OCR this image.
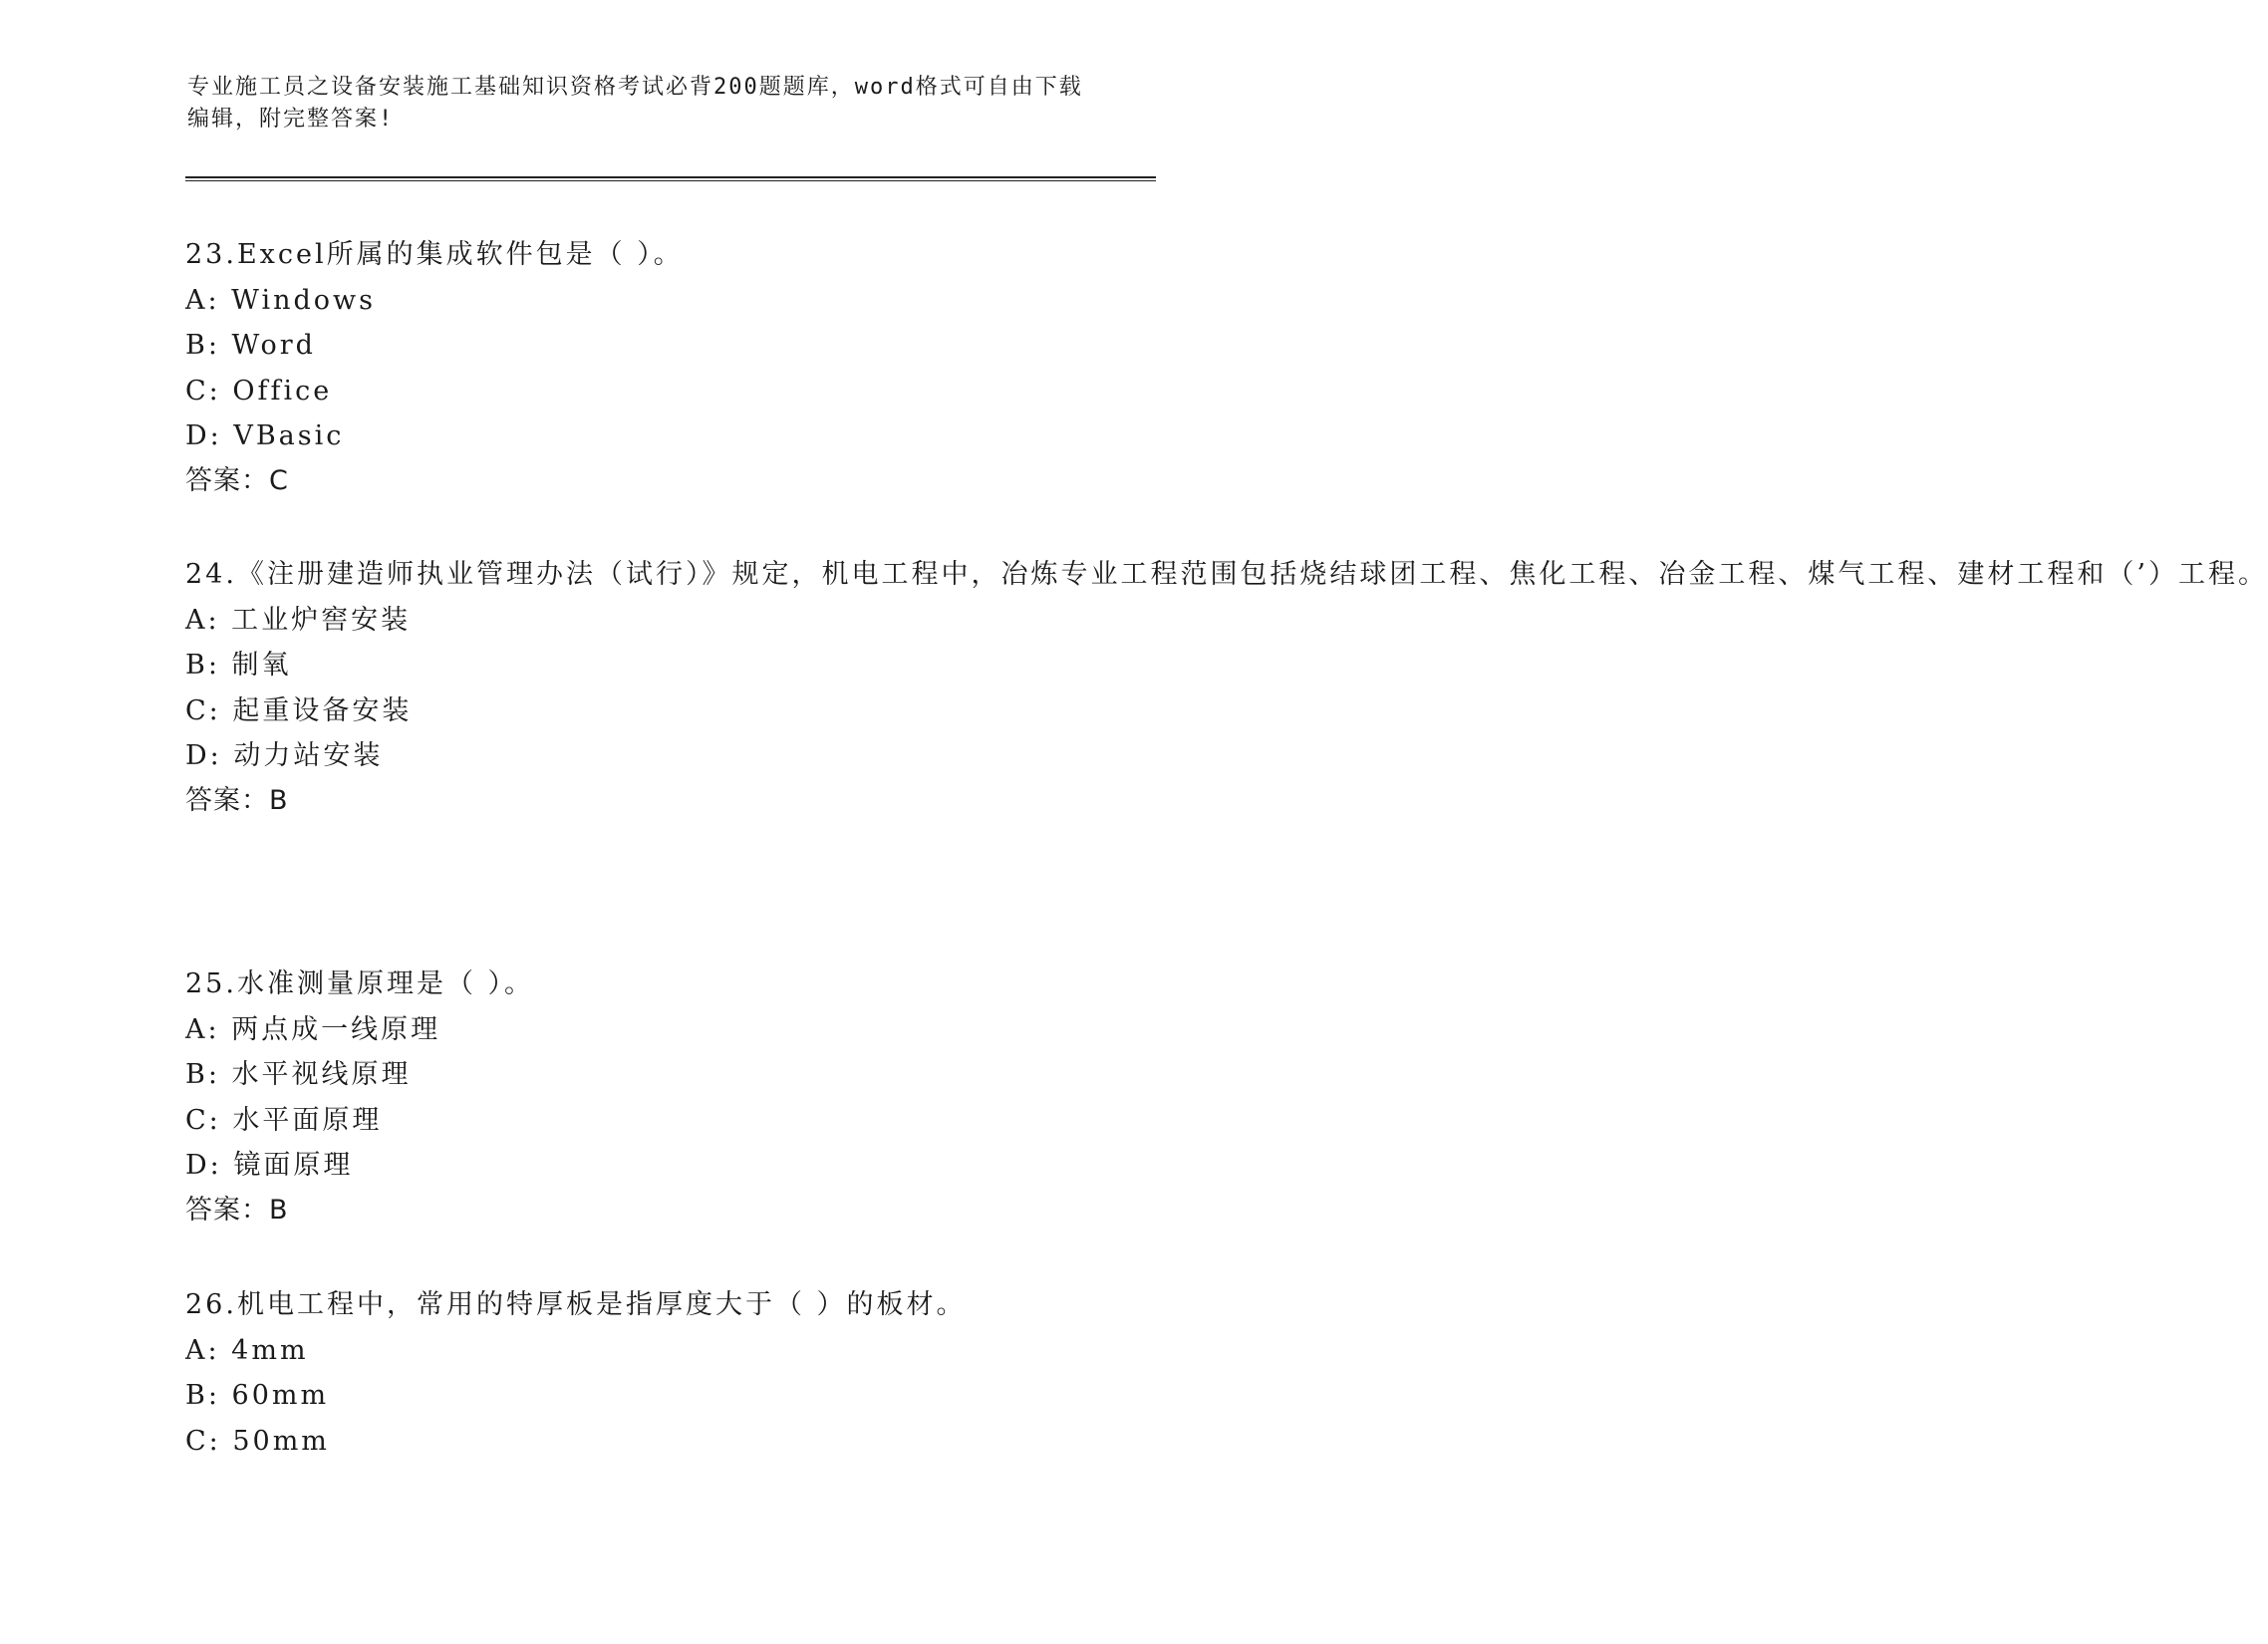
专业施工员之设备安装施工基础知识资格考试必背200题题库，word格式可自由下载编辑，附完整答案!
23.Excel所属的集成软件包是（ ）。
A: Windows
B: Word
C: Office
D: VBasic
答案：C
24.《注册建造师执业管理办法（试行）》规定，机电工程中，冶炼专业工程范围包括烧结球团工程、焦化工程、冶金工程、煤气工程、建材工程和（’）工程。
A: 工业炉窖安装
B: 制氧
C: 起重设备安装
D: 动力站安装
答案：B
25.水准测量原理是（ ）。
A: 两点成一线原理
B: 水平视线原理
C: 水平面原理
D: 镜面原理
答案：B
26.机电工程中，常用的特厚板是指厚度大于（ ）的板材。
A: 4mm
B: 60mm
C: 50mm
